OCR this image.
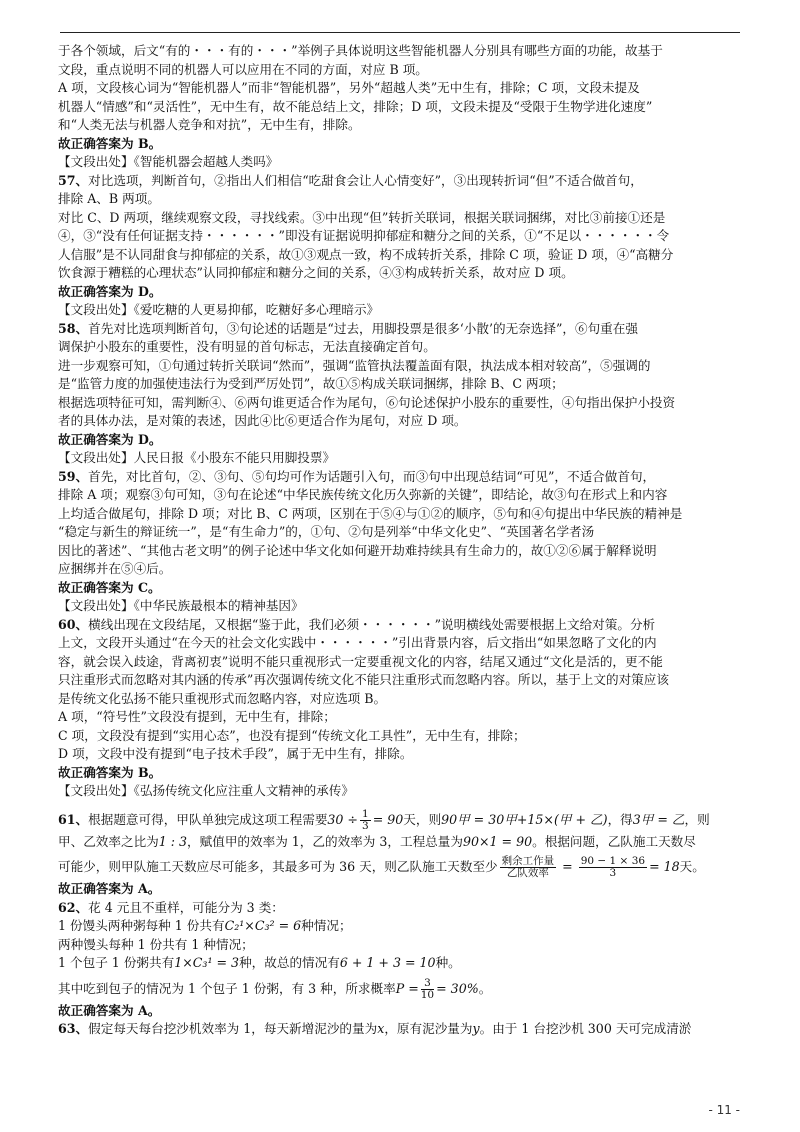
于各个领域，后文“有的・・・有的・・・”举例子具体说明这些智能机器人分别具有哪些方面的功能，故基于
文段，重点说明不同的机器人可以应用在不同的方面，对应 B 项。
A 项，文段核心词为“智能机器人”而非“智能机器”，另外“超越人类”无中生有，排除；C 项，文段未提及
机器人“情感”和“灵活性”，无中生有，故不能总结上文，排除；D 项，文段未提及“受限于生物学进化速度”
和“人类无法与机器人竞争和对抗”，无中生有，排除。
故正确答案为 B。
【文段出处】《智能机器会超越人类吗》
57、对比选项，判断首句，②指出人们相信“吃甜食会让人心情变好”，③出现转折词“但”不适合做首句，
排除 A、B 两项。
对比 C、D 两项，继续观察文段，寻找线索。③中出现“但”转折关联词，根据关联词捆绑，对比③前接①还是
④，③“没有任何证据支持・・・・・・”即没有证据说明抑郁症和糖分之间的关系，①“不足以・・・・・・令
人信服”是不认同甜食与抑郁症的关系，故①③观点一致，构不成转折关系，排除 C 项，验证 D 项，④“高糖分
饮食源于糟糕的心理状态”认同抑郁症和糖分之间的关系，④③构成转折关系，故对应 D 项。
故正确答案为 D。
【文段出处】《爱吃糖的人更易抑郁，吃糖好多心理暗示》
58、首先对比选项判断首句，③句论述的话题是“过去，用脚投票是很多‘小散’的无奈选择”，⑥句重在强
调保护小股东的重要性，没有明显的首句标志，无法直接确定首句。
进一步观察可知，①句通过转折关联词“然而”，强调“监管执法覆盖面有限，执法成本相对较高”，⑤强调的
是“监管力度的加强使违法行为受到严厉处罚”，故①⑤构成关联词捆绑，排除 B、C 两项；
根据选项特征可知，需判断④、⑥两句谁更适合作为尾句，⑥句论述保护小股东的重要性，④句指出保护小投资
者的具体办法，是对策的表述，因此④比⑥更适合作为尾句，对应 D 项。
故正确答案为 D。
【文段出处】人民日报《小股东不能只用脚投票》
59、首先，对比首句，②、③句、⑤句均可作为话题引入句，而③句中出现总结词“可见”，不适合做首句，
排除 A 项；观察③句可知，③句在论述“中华民族传统文化历久弥新的关键”，即结论，故③句在形式上和内容
上均适合做尾句，排除 D 项；对比 B、C 两项，区别在于⑤④与①②的顺序，⑤句和④句提出中华民族的精神是
“稳定与新生的辩证统一”，是“有生命力”的，①句、②句是列举“中华文化史”、“英国著名学者汤
因比的著述”、“其他古老文明”的例子论述中华文化如何避开劫难持续具有生命力的，故①②⑥属于解释说明
应捆绑并在⑤④后。
故正确答案为 C。
【文段出处】《中华民族最根本的精神基因》
60、横线出现在文段结尾，又根据“鉴于此，我们必须・・・・・・”说明横线处需要根据上文给对策。分析
上文，文段开头通过“在今天的社会文化实践中・・・・・・”引出背景内容，后文指出“如果忽略了文化的内
容，就会误入歧途，背离初衷”说明不能只重视形式一定要重视文化的内容，结尾又通过“文化是活的，更不能
只注重形式而忽略对其内涵的传承”再次强调传统文化不能只注重形式而忽略内容。所以，基于上文的对策应该
是传统文化弘扬不能只重视形式而忽略内容，对应选项 B。
A 项，“符号性”文段没有提到，无中生有，排除；
C 项，文段没有提到“实用心态”，也没有提到“传统文化工具性”，无中生有，排除；
D 项，文段中没有提到“电子技术手段”，属于无中生有，排除。
故正确答案为 B。
【文段出处】《弘扬传统文化应注重人文精神的承传》
61、根据题意可得，甲队单独完成这项工程需要$30 \div \frac{1}{3} = 90$天，则90甲 = 30甲+15×(甲 + 乙)，得3甲 = 乙，则
甲、乙效率之比为1 : 3，赋值甲的效率为 1，乙的效率为 3，工程总量为90×1 = 90。根据问题，乙队施工天数尽
可能少，则甲队施工天数应尽可能多，其最多可为 36 天，则乙队施工天数至少 剩余工作量
乙队效率 = $\frac{90 - 1 \times 36}{3} = 18$天。
故正确答案为 A。
62、花 4 元且不重样，可能分为 3 类：
1 份馒头两种粥每种 1 份共有C₂¹×C₃² = 6种情况；
两种馒头每种 1 份共有 1 种情况；
1 个包子 1 份粥共有1×C₃¹ = 3种，故总的情况有6 + 1 + 3 = 10种。
其中吃到包子的情况为 1 个包子 1 份粥，有 3 种，所求概率$P = \frac{3}{10} = 30\%$。
故正确答案为 A。
63、假定每天每台挖沙机效率为 1，每天新增泥沙的量为x，原有泥沙量为y。由于 1 台挖沙机 300 天可完成清淤
- 11 -
